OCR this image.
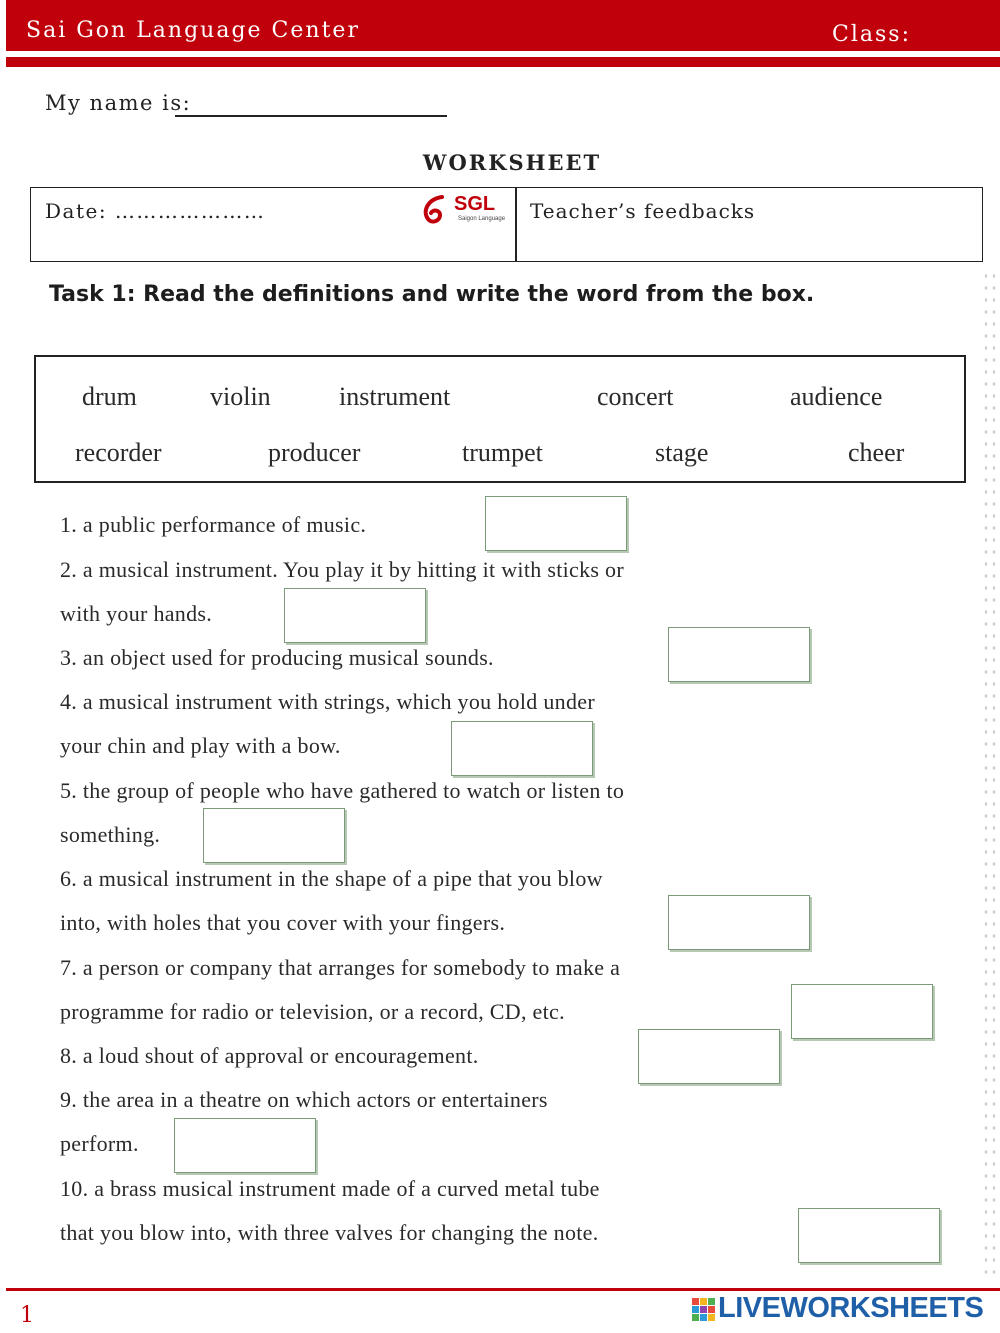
Sai Gon Language Center	Class:
My name is:
WORKSHEET
Date: …………………	Teacher’s feedbacks
SGL
Saigon Language
Task 1: Read the definitions and write the word from the box.
drum	violin	instrument	concert	audience
recorder	producer	trumpet	stage	cheer
1. a public performance of music.
2. a musical instrument. You play it by hitting it with sticks or
with your hands.
3. an object used for producing musical sounds.
4. a musical instrument with strings, which you hold under
your chin and play with a bow.
5. the group of people who have gathered to watch or listen to
something.
6. a musical instrument in the shape of a pipe that you blow
into, with holes that you cover with your fingers.
7. a person or company that arranges for somebody to make a
programme for radio or television, or a record, CD, etc.
8. a loud shout of approval or encouragement.
9. the area in a theatre on which actors or entertainers
perform.
10. a brass musical instrument made of a curved metal tube
that you blow into, with three valves for changing the note.
1	LIVEWORKSHEETS
